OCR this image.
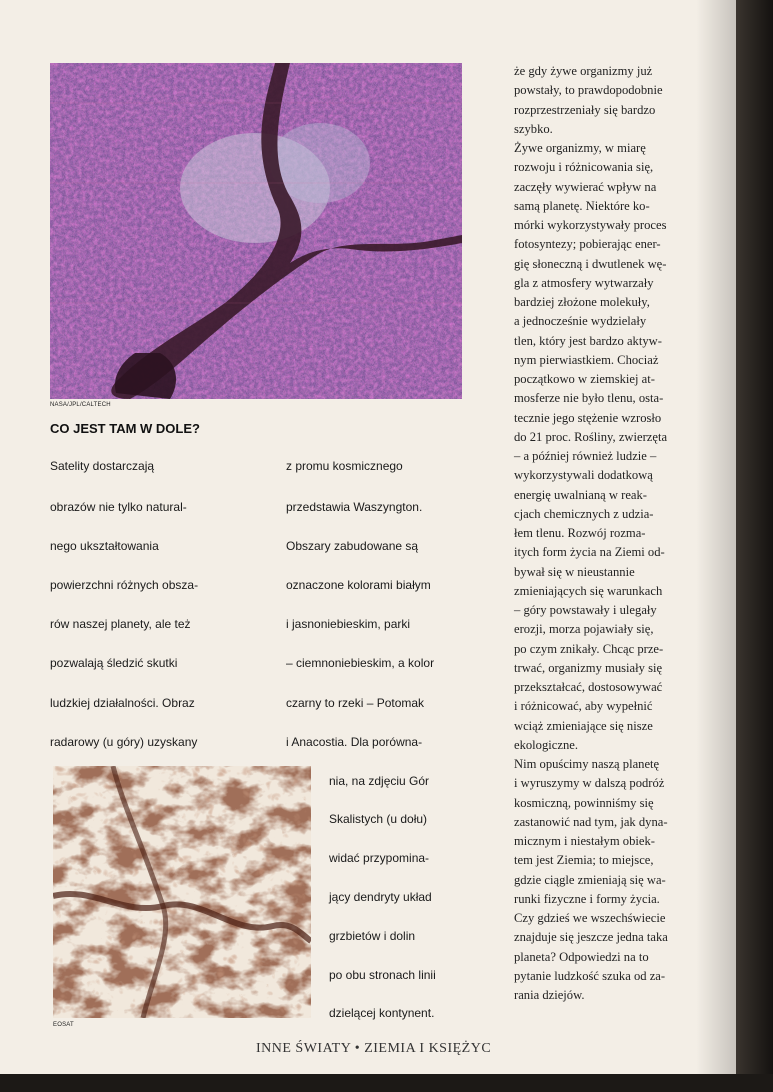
NASA/JPL/CALTECH
CO JEST TAM W DOLE?

Satelity dostarczają

obrazów nie tylko natural-

nego ukształtowania

powierzchni różnych obsza-

rów naszej planety, ale też

pozwalają śledzić skutki

ludzkiej działalności. Obraz

radarowy (u góry) uzyskany

z promu kosmicznego

przedstawia Waszyngton.

Obszary zabudowane są

oznaczone kolorami białym

i jasnoniebieskim, parki

– ciemnoniebieskim, a kolor

czarny to rzeki – Potomak

i Anacostia. Dla porówna-

EOSAT

nia, na zdjęciu Gór

Skalistych (u dołu)

widać przypomina-

jący dendryty układ

grzbietów i dolin

po obu stronach linii

dzielącej kontynent.

że gdy żywe organizmy już

powstały, to prawdopodobnie

rozprzestrzeniały się bardzo

szybko.

Żywe organizmy, w miarę

rozwoju i różnicowania się,

zaczęły wywierać wpływ na

samą planetę. Niektóre ko-

mórki wykorzystywały proces

fotosyntezy; pobierając ener-

gię słoneczną i dwutlenek wę-

gla z atmosfery wytwarzały

bardziej złożone molekuły,

a jednocześnie wydzielały

tlen, który jest bardzo aktyw-

nym pierwiastkiem. Chociaż

początkowo w ziemskiej at-

mosferze nie było tlenu, osta-

tecznie jego stężenie wzrosło

do 21 proc. Rośliny, zwierzęta

– a później również ludzie –

wykorzystywali dodatkową

energię uwalnianą w reak-

cjach chemicznych z udzia-

łem tlenu. Rozwój rozma-

itych form życia na Ziemi od-

bywał się w nieustannie

zmieniających się warunkach

– góry powstawały i ulegały

erozji, morza pojawiały się,

po czym znikały. Chcąc prze-

trwać, organizmy musiały się

przekształcać, dostosowywać

i różnicować, aby wypełnić

wciąż zmieniające się nisze

ekologiczne.

Nim opuścimy naszą planetę

i wyruszymy w dalszą podróż

kosmiczną, powinniśmy się

zastanowić nad tym, jak dyna-

micznym i niestałym obiek-

tem jest Ziemia; to miejsce,

gdzie ciągle zmieniają się wa-

runki fizyczne i formy życia.

Czy gdzieś we wszechświecie

znajduje się jeszcze jedna taka

planeta? Odpowiedzi na to

pytanie ludzkość szuka od za-

rania dziejów.

INNE ŚWIATY • ZIEMIA I KSIĘŻYC
